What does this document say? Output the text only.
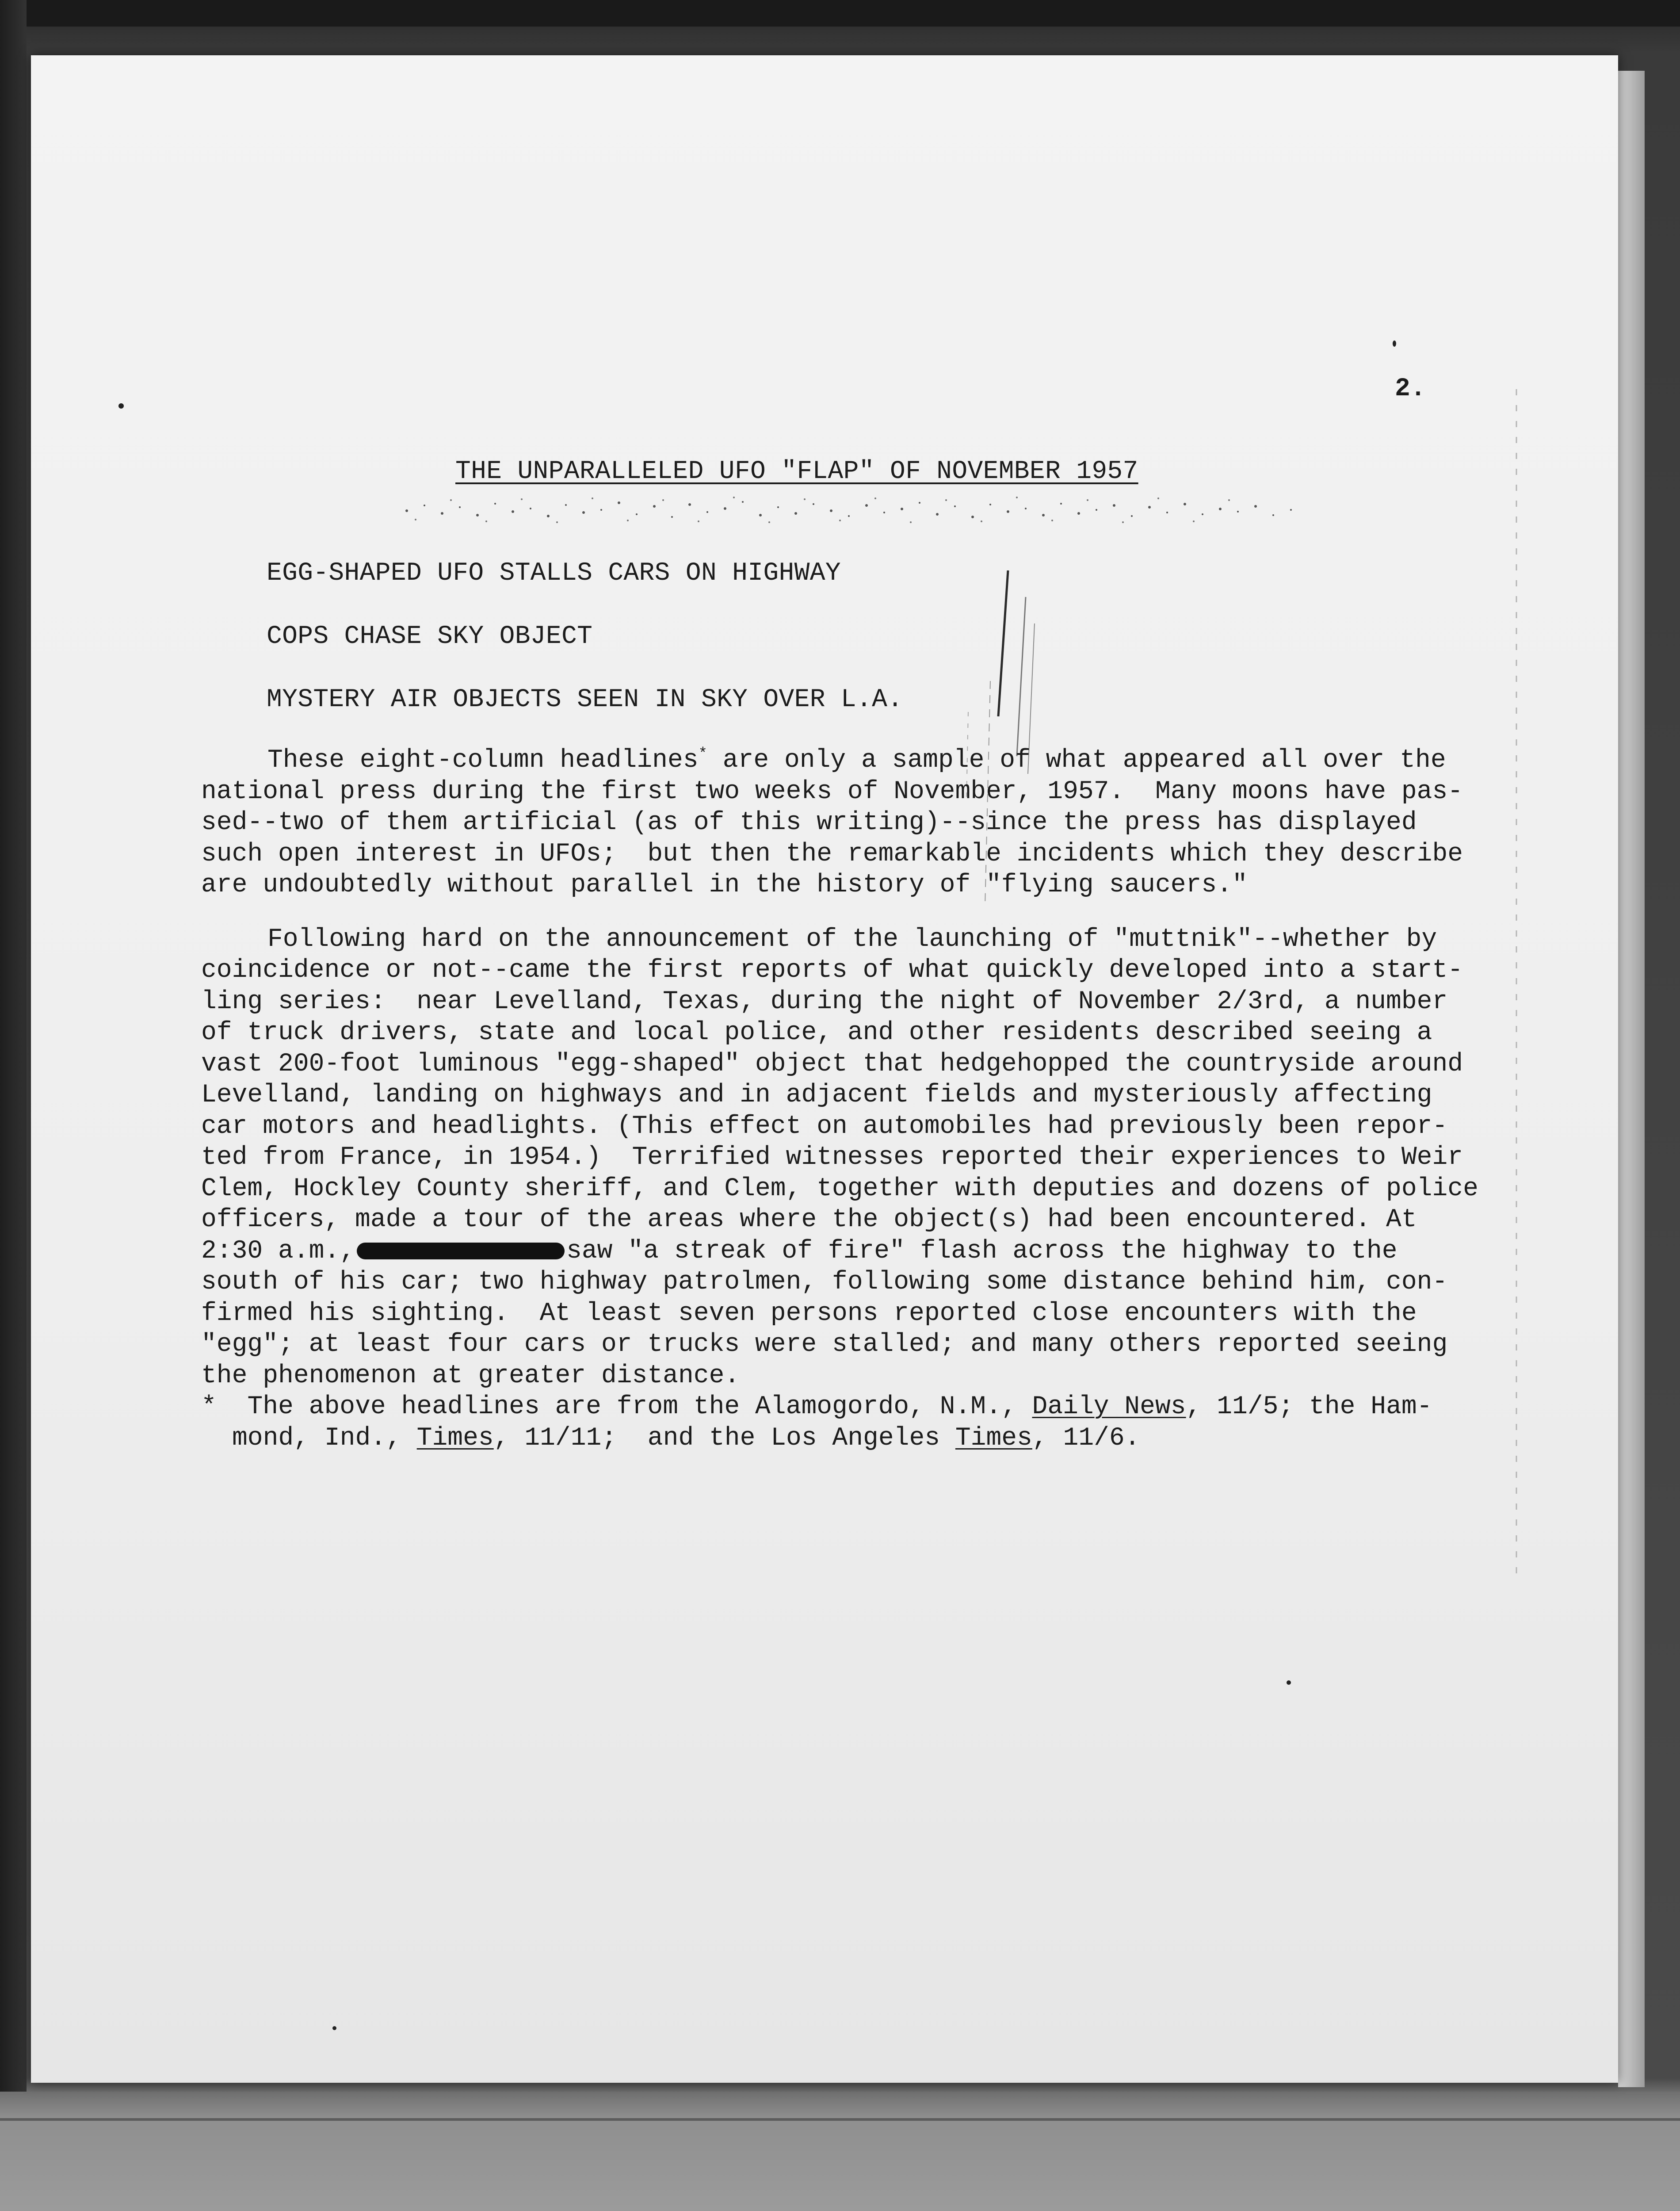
2.
THE UNPARALLELED UFO "FLAP" OF NOVEMBER 1957
EGG-SHAPED UFO STALLS CARS ON HIGHWAY
COPS CHASE SKY OBJECT
MYSTERY AIR OBJECTS SEEN IN SKY OVER L.A.
These eight-column headlines* are only a sample of what appeared all over the
national press during the first two weeks of November, 1957.  Many moons have pas-
sed--two of them artificial (as of this writing)--since the press has displayed
such open interest in UFOs;  but then the remarkable incidents which they describe
are undoubtedly without parallel in the history of "flying saucers."
Following hard on the announcement of the launching of "muttnik"--whether by
coincidence or not--came the first reports of what quickly developed into a start-
ling series:  near Levelland, Texas, during the night of November 2/3rd, a number
of truck drivers, state and local police, and other residents described seeing a
vast 200-foot luminous "egg-shaped" object that hedgehopped the countryside around
Levelland, landing on highways and in adjacent fields and mysteriously affecting
car motors and headlights. (This effect on automobiles had previously been repor-
ted from France, in 1954.)  Terrified witnesses reported their experiences to Weir
Clem, Hockley County sheriff, and Clem, together with deputies and dozens of police
officers, made a tour of the areas where the object(s) had been encountered. At
2:30 a.m.,	saw "a streak of fire" flash across the highway to the
south of his car; two highway patrolmen, following some distance behind him, con-
firmed his sighting.  At least seven persons reported close encounters with the
"egg"; at least four cars or trucks were stalled; and many others reported seeing
the phenomenon at greater distance.
* The above headlines are from the Alamogordo, N.M., Daily News, 11/5; the Ham-
mond, Ind., Times, 11/11;  and the Los Angeles Times, 11/6.
